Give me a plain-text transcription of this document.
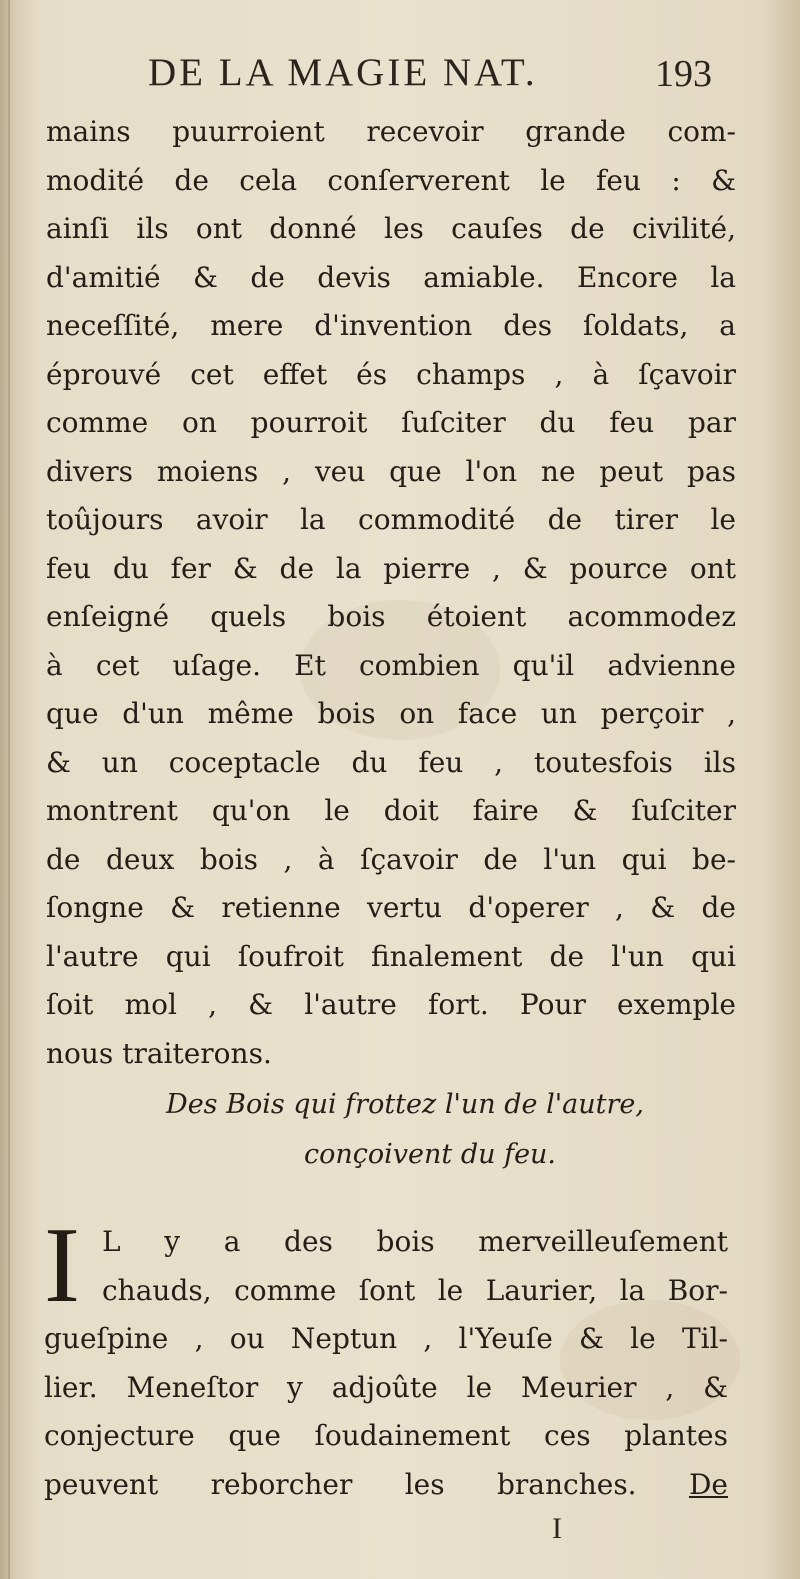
DE LA MAGIE NAT.	193
mains puurroient recevoir grande com-
modité de cela conſerverent le feu : &
ainſi ils ont donné les cauſes de civilité,
d'amitié & de devis amiable. Encore la
neceſſité, mere d'invention des ſoldats, a
éprouvé cet effet és champs , à ſçavoir
comme on pourroit ſuſciter du feu par
divers moiens , veu que l'on ne peut pas
toûjours avoir la commodité de tirer le
feu du fer & de la pierre , & pource ont
enſeigné quels bois étoient acommodez
à cet uſage. Et combien qu'il advienne
que d'un même bois on face un perçoir ,
& un coceptacle du feu , toutesfois ils
montrent qu'on le doit faire & ſuſciter
de deux bois , à ſçavoir de l'un qui be-
ſongne & retienne vertu d'operer , & de
l'autre qui ſoufroit finalement de l'un qui
ſoit mol , & l'autre fort. Pour exemple
nous traiterons.
Des Bois qui frottez l'un de l'autre,
conçoivent du feu.
I L y a des bois merveilleuſement
chauds, comme ſont le Laurier, la Bor-
gueſpine , ou Neptun , l'Yeuſe & le Til-
lier. Meneſtor y adjoûte le Meurier , &
conjecture que ſoudainement ces plantes
peuvent reborcher les branches. De
I
